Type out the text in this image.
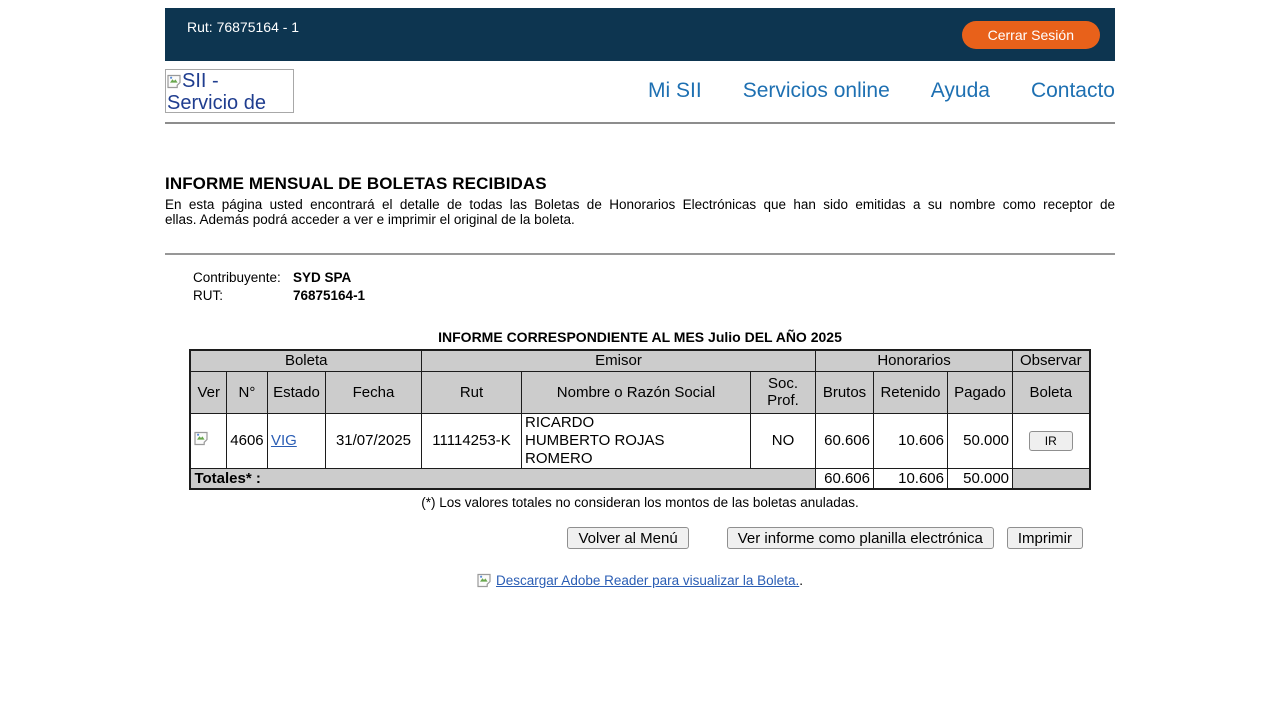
Rut: 76875164 - 1	Cerrar Sesión
SII - Servicio de
Mi SII Servicios online Ayuda Contacto
INFORME MENSUAL DE BOLETAS RECIBIDAS
En esta página usted encontrará el detalle de todas las Boletas de Honorarios Electrónicas que han sido emitidas a su nombre como receptor de
ellas. Además podrá acceder a ver e imprimir el original de la boleta.
Contribuyente: SYD SPA
RUT:	76875164-1
INFORME CORRESPONDIENTE AL MES Julio DEL AÑO 2025
Boleta				Emisor			Honorarios			Observar
Ver	N°	Estado	Fecha	Rut	Nombre o Razón Social	Soc. Prof.	Brutos	Retenido	Pagado	Boleta
	4606	VIG	31/07/2025	11114253-K	RICARDO HUMBERTO ROJAS ROMERO	NO	60.606	10.606	50.000	IR
Totales* :							60.606	10.606	50.000	
(*) Los valores totales no consideran los montos de las boletas anuladas.
Volver al Menú	Ver informe como planilla electrónica	Imprimir
Descargar Adobe Reader para visualizar la Boleta..
